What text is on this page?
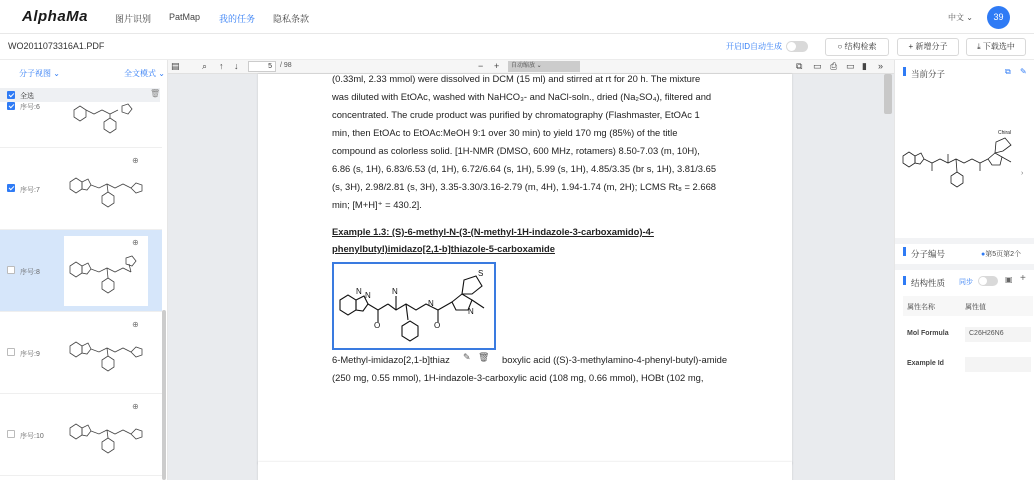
AlphaMa	图片识别 PatMap 我的任务 隐私条款	中文 ⌄	39
WO2011073316A1.PDF	开启ID自动生成	○ 结构检索	+ 新增分子	⤓ 下载选中
分子视图 ⌄	全文模式 ⌄
全选	🗑
序号:6
⊕
序号:7
序号:8
⊕
⊕
序号:9
⊕
序号:10
▤ ⌕ ↑ ↓	5	/ 98	− +	自动缩放 ⌄	⧉ ▭ ⎙ ▭ ▮ »
(0.33ml, 2.33 mmol) were dissolved in DCM (15 ml) and stirred at rt for 20 h. The mixture
was diluted with EtOAc, washed with NaHCO₃- and NaCl-soln., dried (Na₂SO₄), filtered and
concentrated. The crude product was purified by chromatography (Flashmaster, EtOAc 1
min, then EtOAc to EtOAc:MeOH 9:1 over 30 min) to yield 170 mg (85%) of the title
compound as colorless solid. [1H-NMR (DMSO, 600 MHz, rotamers) 8.50-7.03 (m, 10H),
6.86 (s, 1H), 6.83/6.53 (d, 1H), 6.72/6.64 (s, 1H), 5.99 (s, 1H), 4.85/3.35 (br s, 1H), 3.81/3.65
(s, 3H), 2.98/2.81 (s, 3H), 3.35-3.30/3.16-2.79 (m, 4H), 1.94-1.74 (m, 2H); LCMS Rt₈ = 2.668
min; [M+H]⁺ = 430.2].
Example 1.3: (S)-6-methyl-N-(3-(N-methyl-1H-indazole-3-carboxamido)-4-
phenylbutyl)imidazo[2,1-b]thiazole-5-carboxamide
N N
O
N
O
N
S
N
✎ 🗑
6-Methyl-imidazo[2,1-b]thiaz	boxylic acid ((S)-3-methylamino-4-phenyl-butyl)-amide
(250 mg, 0.55 mmol), 1H-indazole-3-carboxylic acid (108 mg, 0.66 mmol), HOBt (102 mg,
当前分子	⧉ ✎
Chiral
›
分子编号	●第5页第2个
结构性质 同步	▣ +
属性名称	属性值
Mol Formula	C26H26N6
Example Id
